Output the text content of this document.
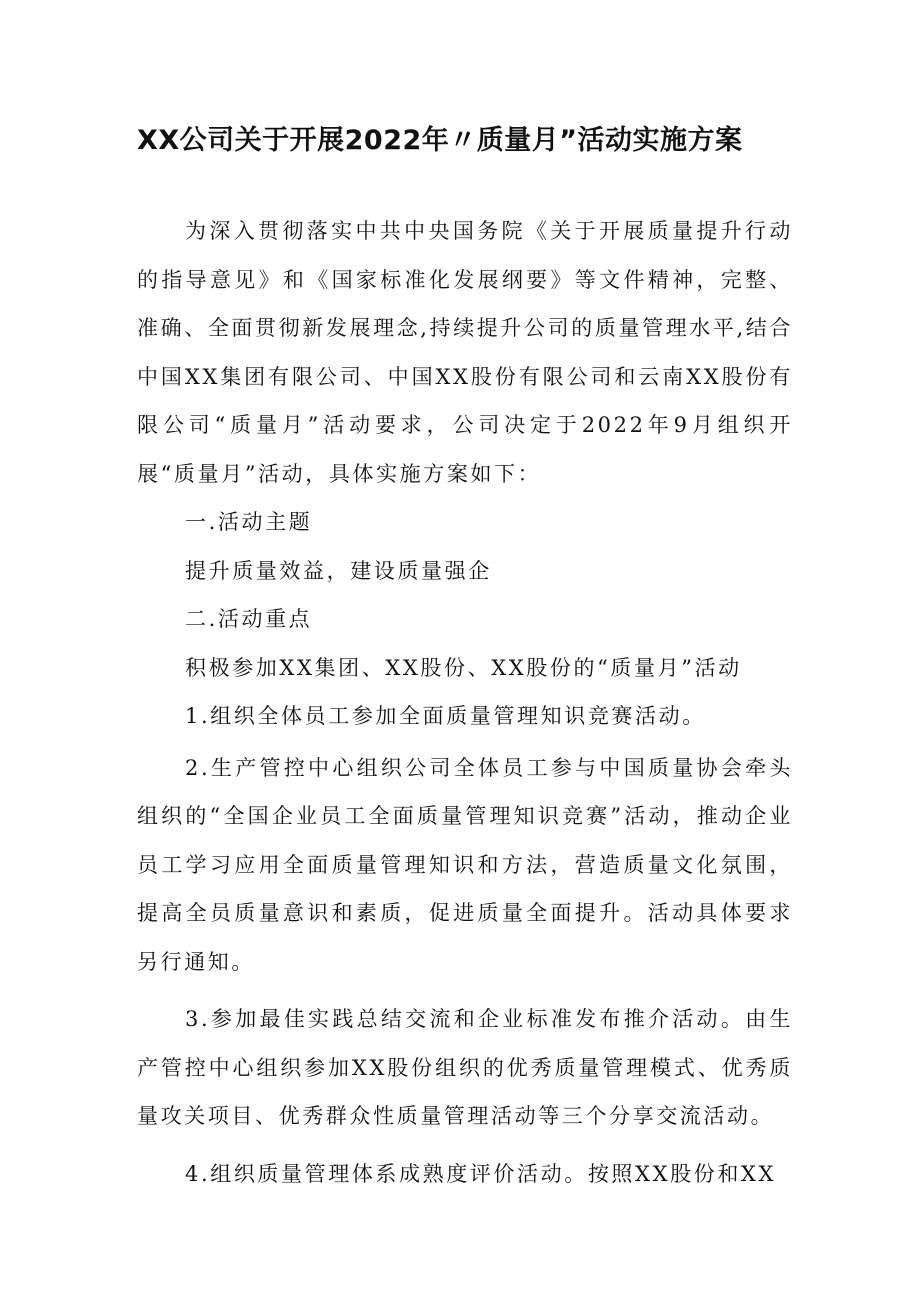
XX公司关于开展2022年〃质量月”活动实施方案

为深入贯彻落实中共中央国务院《关于开展质量提升行动的指导意见》和《国家标准化发展纲要》等文件精神，完整、准确、全面贯彻新发展理念,持续提升公司的质量管理水平,结合中国XX集团有限公司、中国XX股份有限公司和云南XX股份有限公司“质量月”活动要求，公司决定于2022年9月组织开展“质量月”活动，具体实施方案如下：

一.活动主题

提升质量效益，建设质量强企

二.活动重点

积极参加XX集团、XX股份、XX股份的“质量月”活动

1.组织全体员工参加全面质量管理知识竞赛活动。

2.生产管控中心组织公司全体员工参与中国质量协会牵头组织的“全国企业员工全面质量管理知识竞赛”活动，推动企业员工学习应用全面质量管理知识和方法，营造质量文化氛围，提高全员质量意识和素质，促进质量全面提升。活动具体要求另行通知。

3.参加最佳实践总结交流和企业标准发布推介活动。由生产管控中心组织参加XX股份组织的优秀质量管理模式、优秀质量攻关项目、优秀群众性质量管理活动等三个分享交流活动。

4.组织质量管理体系成熟度评价活动。按照XX股份和XX
